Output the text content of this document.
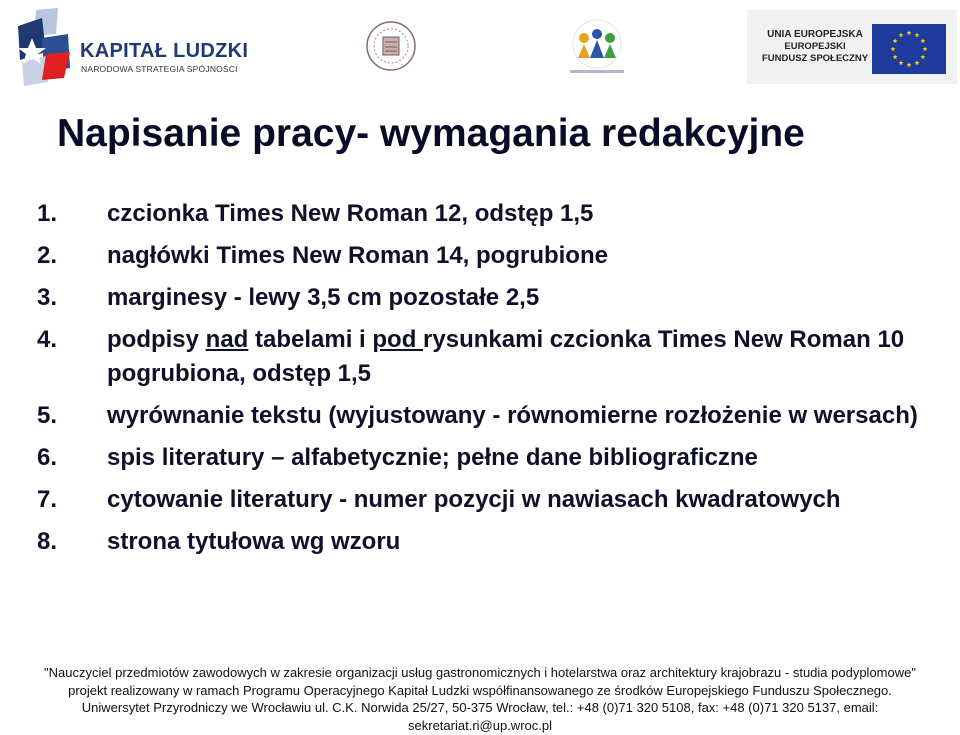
KAPITAŁ LUDZKI
NARODOWA STRATEGIA SPÓJNOŚCI
UNIA EUROPEJSKA
EUROPEJSKI
FUNDUSZ SPOŁECZNY
Napisanie pracy- wymagania redakcyjne
1. czcionka Times New Roman 12, odstęp 1,5
2. nagłówki Times New Roman 14, pogrubione
3. marginesy - lewy 3,5 cm pozostałe 2,5
4. podpisy nad tabelami i pod rysunkami czcionka Times New Roman 10 pogrubiona, odstęp 1,5
5. wyrównanie tekstu (wyjustowany - równomierne rozłożenie w wersach)
6. spis literatury – alfabetycznie; pełne dane bibliograficzne
7. cytowanie literatury - numer pozycji w nawiasach kwadratowych
8. strona tytułowa wg wzoru
"Nauczyciel przedmiotów zawodowych w zakresie organizacji usług gastronomicznych i hotelarstwa oraz architektury krajobrazu - studia podyplomowe"
projekt realizowany w ramach Programu Operacyjnego Kapitał Ludzki współfinansowanego ze środków Europejskiego Funduszu Społecznego.
Uniwersytet Przyrodniczy we Wrocławiu ul. C.K. Norwida 25/27, 50-375 Wrocław, tel.: +48 (0)71 320 5108, fax: +48 (0)71 320 5137, email:
sekretariat.ri@up.wroc.pl
